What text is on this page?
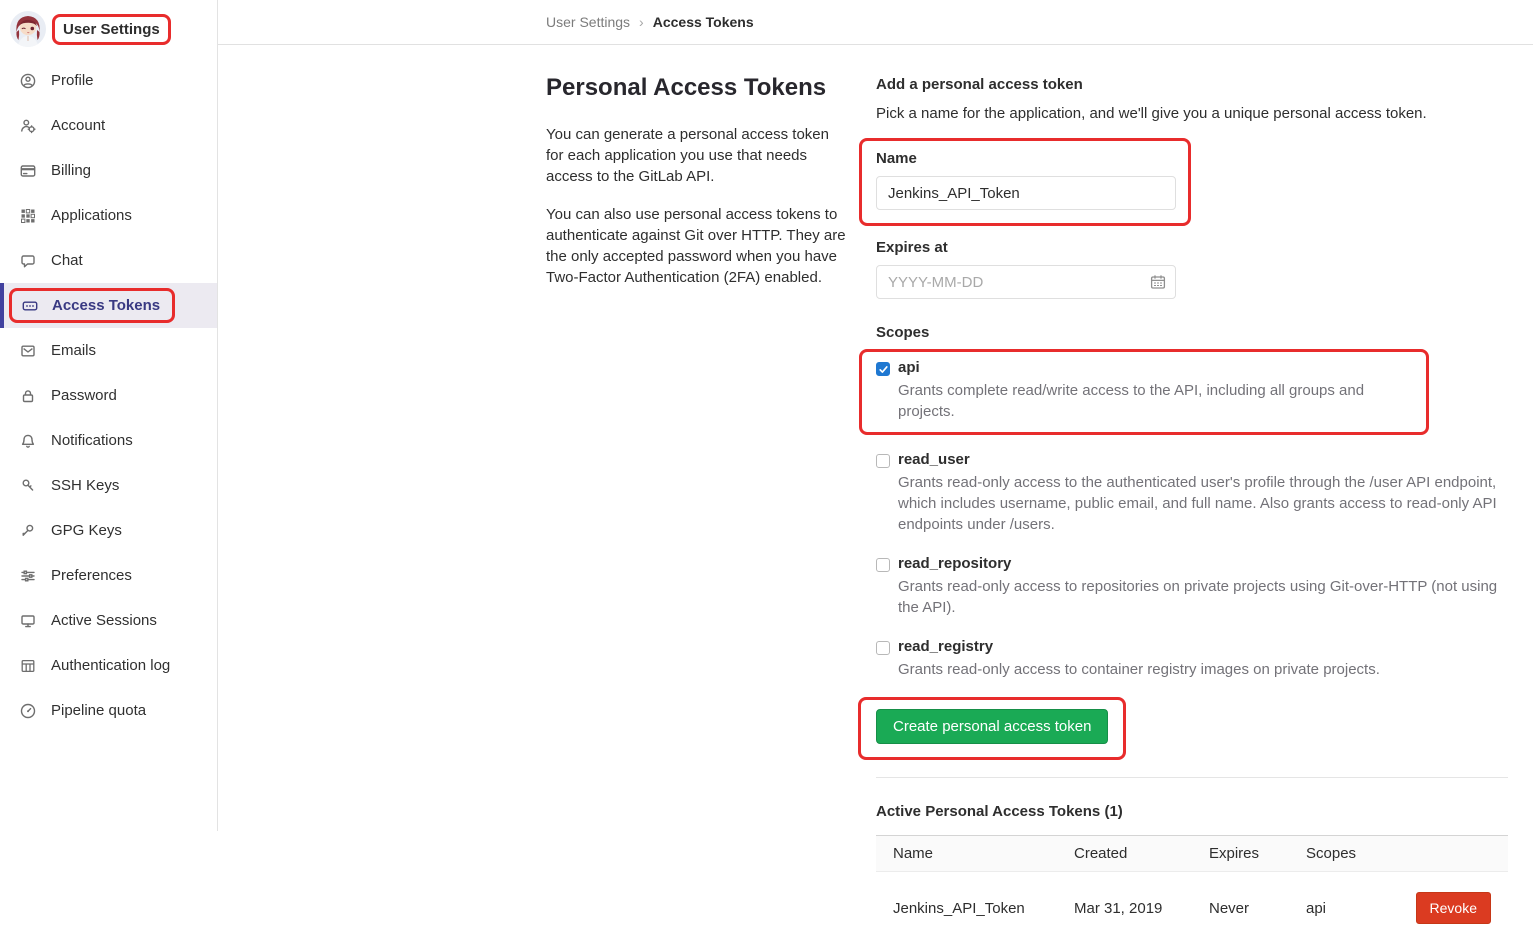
User Settings
Profile
Account
Billing
Applications
Chat
Access Tokens
Emails
Password
Notifications
SSH Keys
GPG Keys
Preferences
Active Sessions
Authentication log
Pipeline quota
User Settings › Access Tokens
Personal Access Tokens

You can generate a personal access token for each application you use that needs access to the GitLab API.

You can also use personal access tokens to authenticate against Git over HTTP. They are the only accepted password when you have Two-Factor Authentication (2FA) enabled.

Add a personal access token

Pick a name for the application, and we'll give you a unique personal access token.

Name
Jenkins_API_Token
Expires at
YYYY-MM-DD
Scopes
api
Grants complete read/write access to the API, including all groups and projects.
read_user
Grants read-only access to the authenticated user's profile through the /user API endpoint, which includes username, public email, and full name. Also grants access to read-only API endpoints under /users.
read_repository
Grants read-only access to repositories on private projects using Git-over-HTTP (not using the API).
read_registry
Grants read-only access to container registry images on private projects.
Create personal access token
Active Personal Access Tokens (1)
Name	Created	Expires	Scopes	
Jenkins_API_Token	Mar 31, 2019	Never	api	Revoke
